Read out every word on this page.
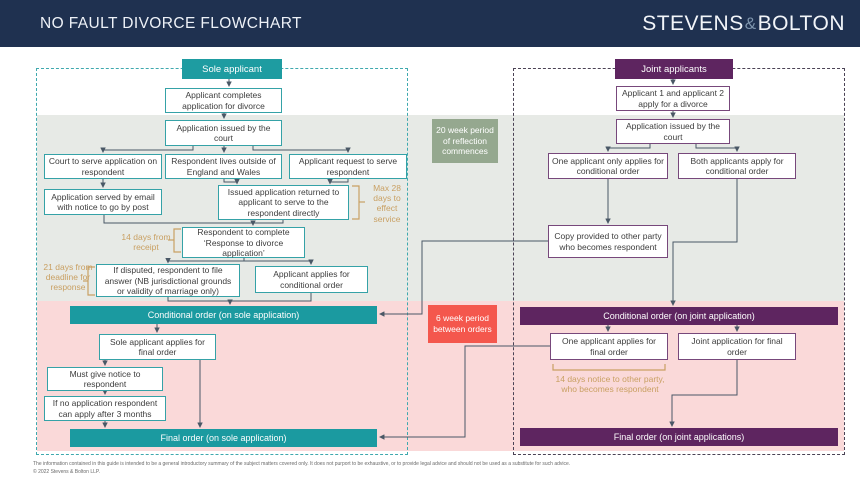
NO FAULT DIVORCE FLOWCHART	STEVENS & BOLTON
Sole applicant	Joint applicants
Applicant completes application for divorce
Application issued by the court
Court to serve application on respondent
Respondent lives outside of England and Wales
Applicant request to serve respondent
Application served by email with notice to go by post
Issued application returned to applicant to serve to the respondent directly
Respondent to complete ‘Response to divorce application’
If disputed, respondent to file answer (NB jurisdictional grounds or validity of marriage only)
Applicant applies for conditional order
Conditional order (on sole application)
Sole applicant applies for final order
Must give notice to respondent
If no application respondent can apply after 3 months
Final order (on sole application)
Applicant 1 and applicant 2 apply for a divorce
Application issued by the court
One applicant only applies for conditional order
Both applicants apply for conditional order
Copy provided to other party who becomes respondent
Conditional order (on joint application)
One applicant applies for final order
Joint application for final order
Final order (on joint applications)
20 week period of reflection commences
6 week period between orders
Max 28 days to effect service
14 days from receipt
21 days from deadline for response
14 days notice to other party, who becomes respondent
The information contained in this guide is intended to be a general introductory summary of the subject matters covered only. It does not purport to be exhaustive, or to provide legal advice and should not be used as a substitute for such advice.
© 2022 Stevens & Bolton LLP.
